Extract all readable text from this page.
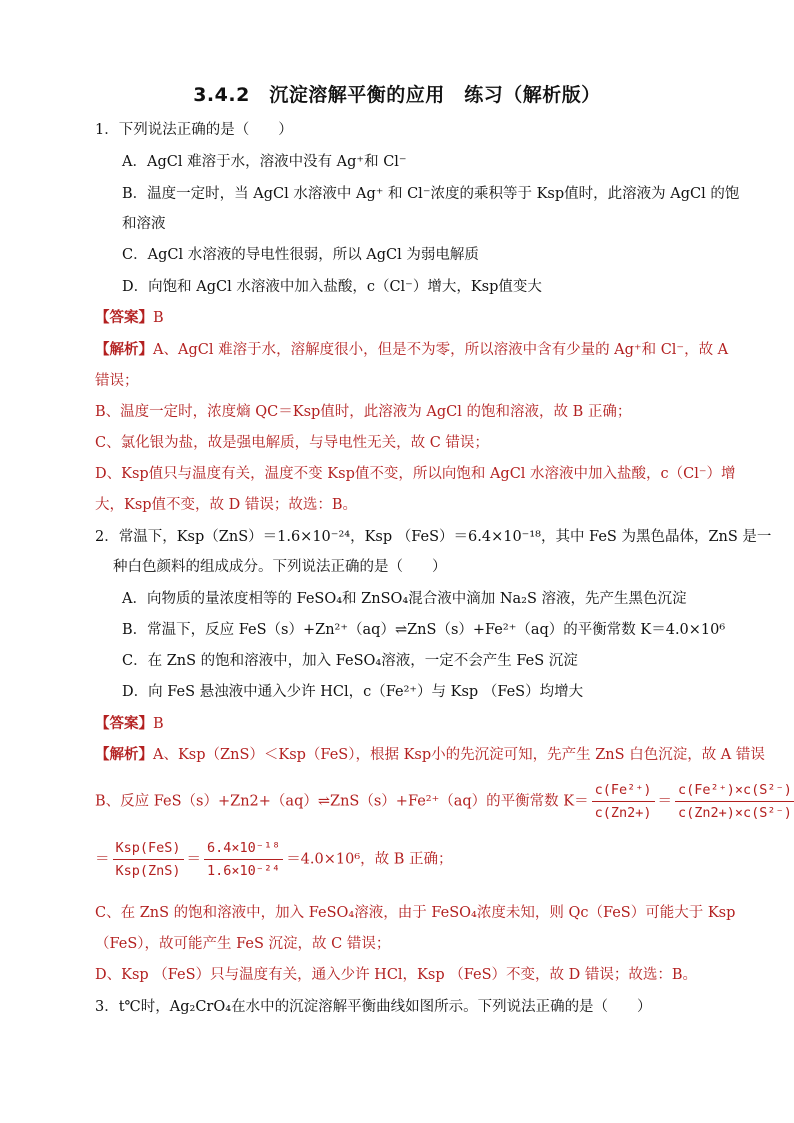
3.4.2　沉淀溶解平衡的应用　练习（解析版）
1．下列说法正确的是（　　）
A．AgCl 难溶于水，溶液中没有 Ag⁺和 Cl⁻
B．温度一定时，当 AgCl 水溶液中 Ag⁺ 和 Cl⁻浓度的乘积等于 Ksp值时，此溶液为 AgCl 的饱
和溶液
C．AgCl 水溶液的导电性很弱，所以 AgCl 为弱电解质
D．向饱和 AgCl 水溶液中加入盐酸，c（Cl⁻）增大，Ksp值变大
【答案】B
【解析】A、AgCl 难溶于水，溶解度很小，但是不为零，所以溶液中含有少量的 Ag⁺和 Cl⁻，故 A
错误；
B、温度一定时，浓度熵 QC＝Ksp值时，此溶液为 AgCl 的饱和溶液，故 B 正确；
C、氯化银为盐，故是强电解质，与导电性无关，故 C 错误；
D、Ksp值只与温度有关，温度不变 Ksp值不变，所以向饱和 AgCl 水溶液中加入盐酸，c（Cl⁻）增
大，Ksp值不变，故 D 错误；故选：B。
2．常温下，Ksp（ZnS）＝1.6×10⁻²⁴，Ksp （FeS）＝6.4×10⁻¹⁸，其中 FeS 为黑色晶体，ZnS 是一
种白色颜料的组成成分。下列说法正确的是（　　）
A．向物质的量浓度相等的 FeSO₄和 ZnSO₄混合液中滴加 Na₂S 溶液，先产生黑色沉淀
B．常温下，反应 FeS（s）+Zn²⁺（aq）⇌ZnS（s）+Fe²⁺（aq）的平衡常数 K＝4.0×10⁶
C．在 ZnS 的饱和溶液中，加入 FeSO₄溶液，一定不会产生 FeS 沉淀
D．向 FeS 悬浊液中通入少许 HCl，c（Fe²⁺）与 Ksp （FeS）均增大
【答案】B
【解析】A、Ksp（ZnS）＜Ksp（FeS），根据 Ksp小的先沉淀可知，先产生 ZnS 白色沉淀，故 A 错误
B、反应 FeS（s）+Zn2+（aq）⇌ZnS（s）+Fe²⁺（aq）的平衡常数 $K= \frac{\text{c(Fe²⁺)}}{c(Zn2+)} = \frac{\text{c(Fe²⁺)×c(S²⁻)}}{\text{c(Zn2+)×c(S²⁻)}}$
＝ $\frac{\text{Ksp(FeS)}}{\text{Ksp(ZnS)}} = \frac{\text{6.4×10⁻¹⁸}}{\text{1.6×10⁻²⁴}} =4.0\times 10^6$，故 B 正确；
C、在 ZnS 的饱和溶液中，加入 FeSO₄溶液，由于 FeSO₄浓度未知，则 Qc（FeS）可能大于 Ksp
（FeS），故可能产生 FeS 沉淀，故 C 错误；
D、Ksp （FeS）只与温度有关，通入少许 HCl，Ksp （FeS）不变，故 D 错误；故选：B。
3．t℃时，Ag₂CrO₄在水中的沉淀溶解平衡曲线如图所示。下列说法正确的是（　　）
